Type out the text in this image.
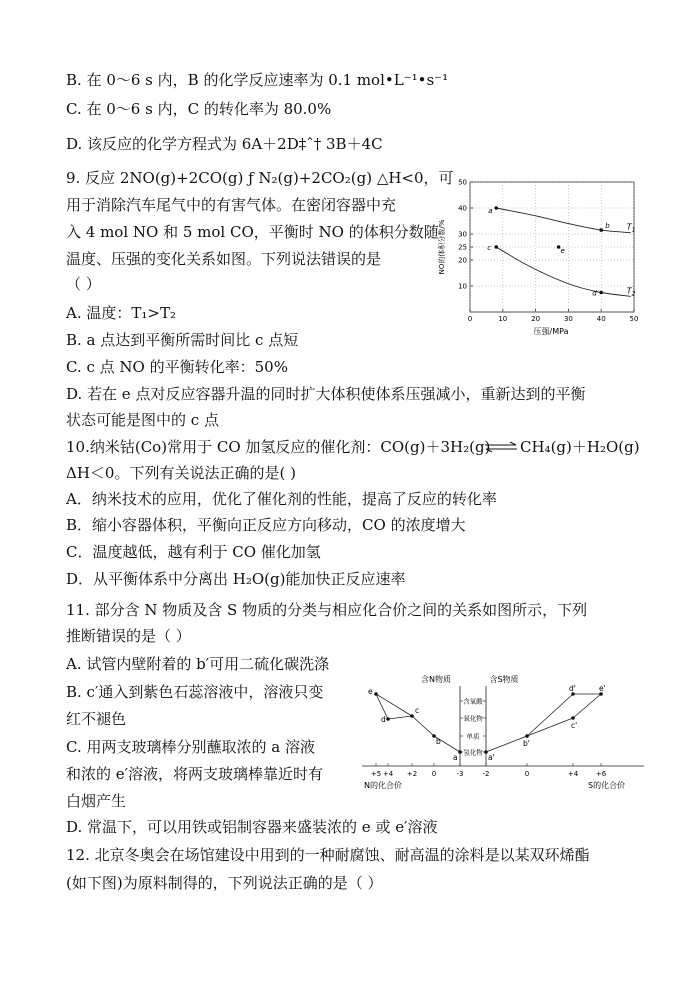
B. 在 0～6 s 内，B 的化学反应速率为 0.1 mol•L⁻¹•s⁻¹
C. 在 0～6 s 内，C 的转化率为 80.0%
D. 该反应的化学方程式为 6A＋2D‡ˆ† 3B＋4C
9. 反应 2NO(g)+2CO(g) ƒ N₂(g)+2CO₂(g) △H<0，可
用于消除汽车尾气中的有害气体。在密闭容器中充
入 4 mol NO 和 5 mol CO，平衡时 NO 的体积分数随
温度、压强的变化关系如图。下列说法错误的是
（ ）
A. 温度：T₁>T₂
B. a 点达到平衡所需时间比 c 点短
C. c 点 NO 的平衡转化率：50%
D. 若在 e 点对反应容器升温的同时扩大体积使体系压强减小，重新达到的平衡
状态可能是图中的 c 点
0	10	20	30	40	50
10
20
25
30
40
50
NO的体积分数/%
压强/MPa
$T_1$
$T_2$
a
b
c	e
d
10.纳米钴(Co)常用于 CO 加氢反应的催化剂：CO(g)＋3H₂(g) ⇌ CH₄(g)＋H₂O(g)
ΔH＜0。下列有关说法正确的是( )
A．纳米技术的应用，优化了催化剂的性能，提高了反应的转化率
B．缩小容器体积，平衡向正反应方向移动，CO 的浓度增大
C．温度越低，越有利于 CO 催化加氢
D．从平衡体系中分离出 H₂O(g)能加快正反应速率
11. 部分含 N 物质及含 S 物质的分类与相应化合价之间的关系如图所示，下列
推断错误的是（ ）
A. 试管内壁附着的 b′可用二硫化碳洗涤
B. c′通入到紫色石蕊溶液中，溶液只变
红不褪色
C. 用两支玻璃棒分别蘸取浓的 a 溶液
和浓的 e′溶液，将两支玻璃棒靠近时有
白烟产生
D. 常温下，可以用铁或铝制容器来盛装浓的 e 或 e′溶液
含N物质	含S物质
N的化合价	S的化合价
氢化物
单质
氧化物
含氧酸
+5 +4 +2 0	-3	-2	0	+4	+6
a
b
c
d
e
a'
b'
c'
d'	e'
12. 北京冬奥会在场馆建设中用到的一种耐腐蚀、耐高温的涂料是以某双环烯酯
(如下图)为原料制得的，下列说法正确的是（ ）
